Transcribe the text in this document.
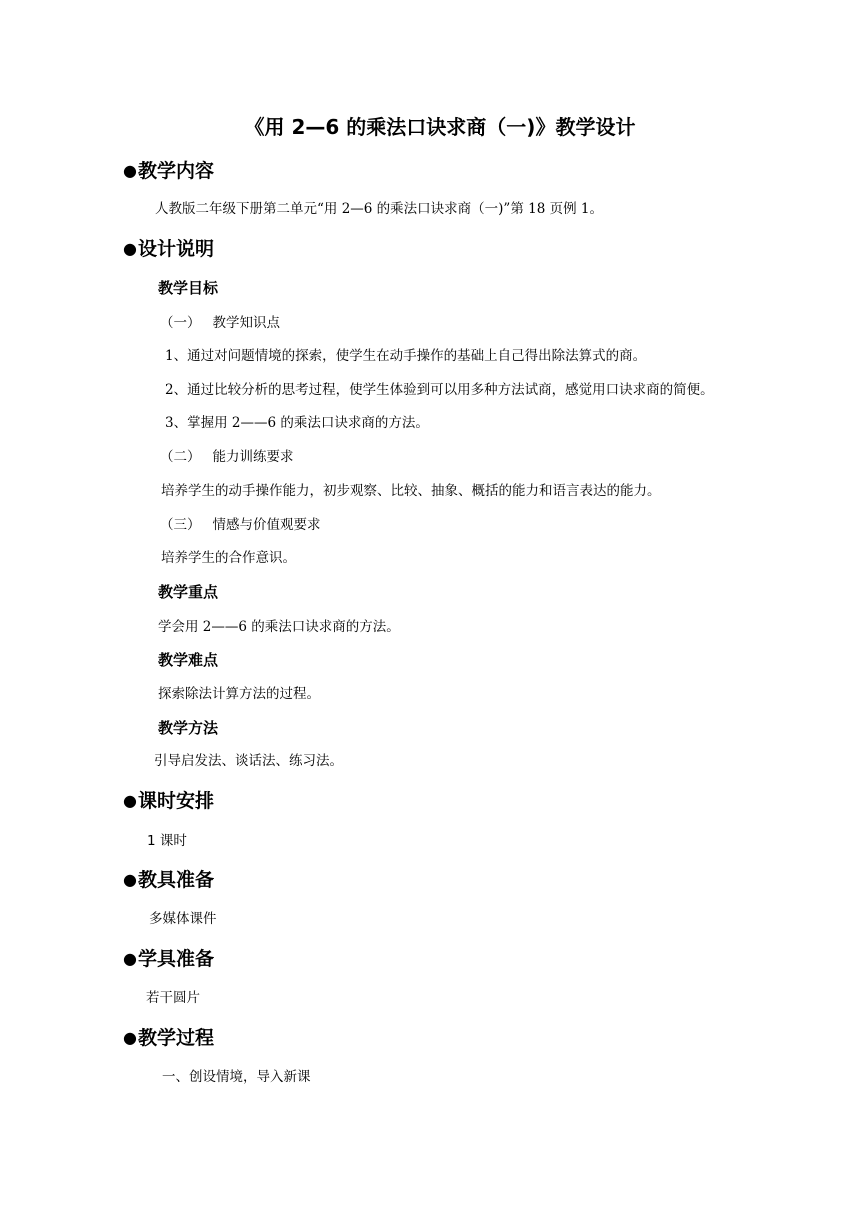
《用 2—6 的乘法口诀求商（一)》教学设计
●教学内容
人教版二年级下册第二单元“用 2—6 的乘法口诀求商（一)”第 18 页例 1。
●设计说明
教学目标
（一） 教学知识点
1、通过对问题情境的探索，使学生在动手操作的基础上自己得出除法算式的商。
2、通过比较分析的思考过程，使学生体验到可以用多种方法试商，感觉用口诀求商的简便。
3、掌握用 2——6 的乘法口诀求商的方法。
（二） 能力训练要求
培养学生的动手操作能力，初步观察、比较、抽象、概括的能力和语言表达的能力。
（三） 情感与价值观要求
培养学生的合作意识。
教学重点
学会用 2——6 的乘法口诀求商的方法。
教学难点
探索除法计算方法的过程。
教学方法
引导启发法、谈话法、练习法。
●课时安排
1 课时
●教具准备
多媒体课件
●学具准备
若干圆片
●教学过程
一、创设情境，导入新课
